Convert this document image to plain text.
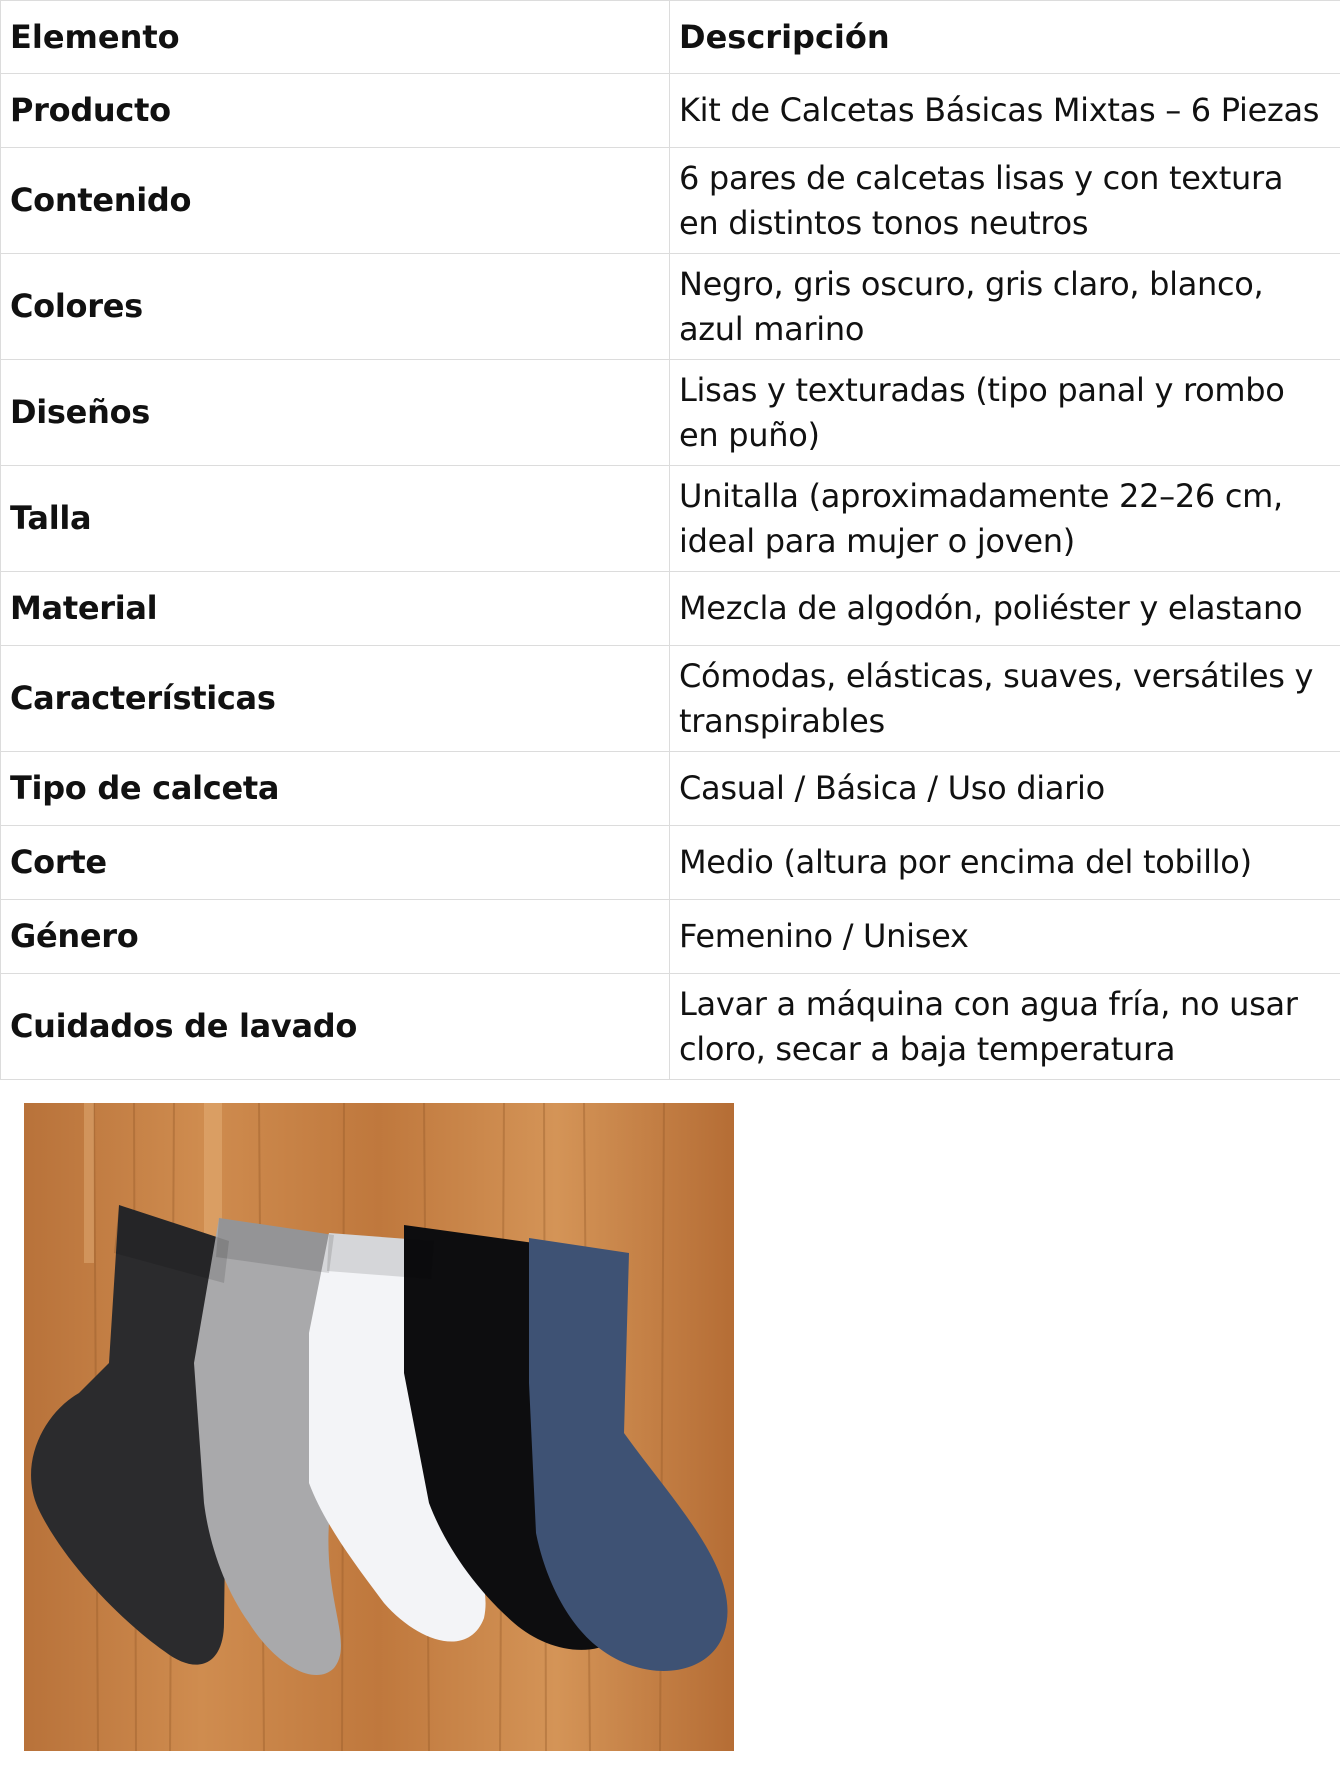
Elemento	Descripción
Producto	Kit de Calcetas Básicas Mixtas – 6 Piezas
Contenido	6 pares de calcetas lisas y con textura en distintos tonos neutros
Colores	Negro, gris oscuro, gris claro, blanco, azul marino
Diseños	Lisas y texturadas (tipo panal y rombo en puño)
Talla	Unitalla (aproximadamente 22–26 cm, ideal para mujer o joven)
Material	Mezcla de algodón, poliéster y elastano
Características	Cómodas, elásticas, suaves, versátiles y transpirables
Tipo de calceta	Casual / Básica / Uso diario
Corte	Medio (altura por encima del tobillo)
Género	Femenino / Unisex
Cuidados de lavado	Lavar a máquina con agua fría, no usar cloro, secar a baja temperatura
